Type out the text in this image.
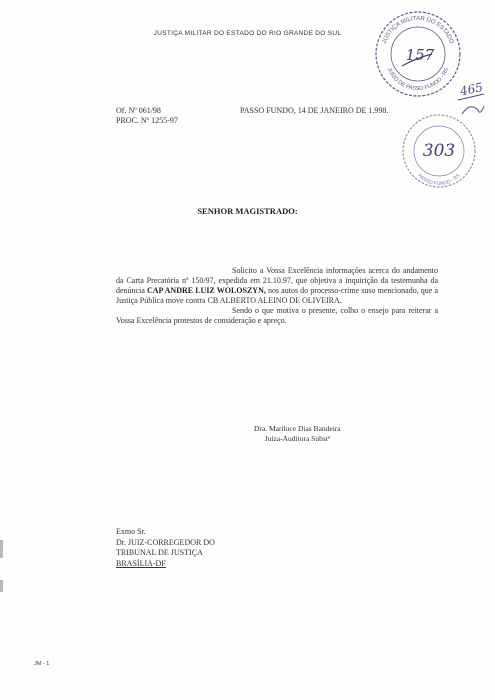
JUSTIÇA MILITAR DO ESTADO DO RIO GRANDE DO SUL
Of. Nº 061/98
PROC. Nº 1255-97
PASSO FUNDO, 14 DE JANEIRO DE 1.998.
SENHOR MAGISTRADO:

Solicito a Vossa Excelência informações acerca do andamento da Carta Precatória nº 150/97, expedida em 21.10.97, que objetiva a inquirição da testemunha da denúncia CAP ANDRE LUIZ WOLOSZYN, nos autos do processo-crime suso mencionado, que a Justiça Pública move contra CB ALBERTO ALEINO DE OLIVEIRA.

Sendo o que motiva o presente, colho o ensejo para reiterar a Vossa Excelência protestos de consideração e apreço.

Dra. Mariluce Dias Bandeira
Juíza-Auditora Substª
Exmo Sr.
Dr. JUIZ-CORREGEDOR DO
TRIBUNAL DE JUSTIÇA
BRASÍLIA-DF
JM - 1
JUSTIÇA MILITAR DO ESTADO
JUÍZO DE PASSO FUNDO - RS
157
465
PASSO FUNDO - RS
303
